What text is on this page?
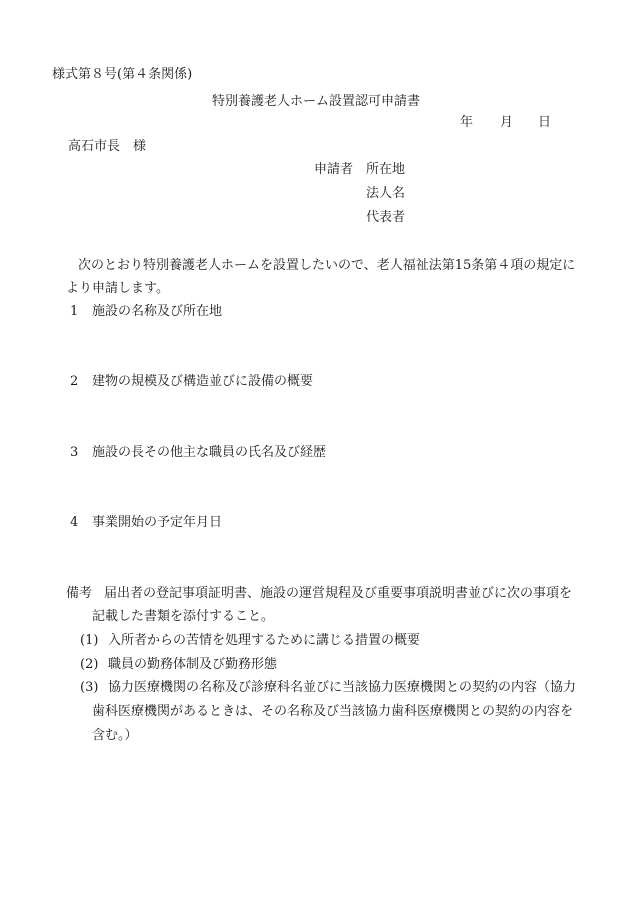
様式第８号(第４条関係)
特別養護老人ホーム設置認可申請書
年 月 日
高石市長　様
申請者 所在地
法人名
代表者
次のとおり特別養護老人ホームを設置したいので、老人福祉法第15条第４項の規定に
より申請します。
1 施設の名称及び所在地
2 建物の規模及び構造並びに設備の概要
3 施設の長その他主な職員の氏名及び経歴
4 事業開始の予定年月日
備考 届出者の登記事項証明書、施設の運営規程及び重要事項説明書並びに次の事項を
記載した書類を添付すること。
(1) 入所者からの苦情を処理するために講じる措置の概要
(2) 職員の勤務体制及び勤務形態
(3) 協力医療機関の名称及び診療科名並びに当該協力医療機関との契約の内容（協力
歯科医療機関があるときは、その名称及び当該協力歯科医療機関との契約の内容を
含む。）
